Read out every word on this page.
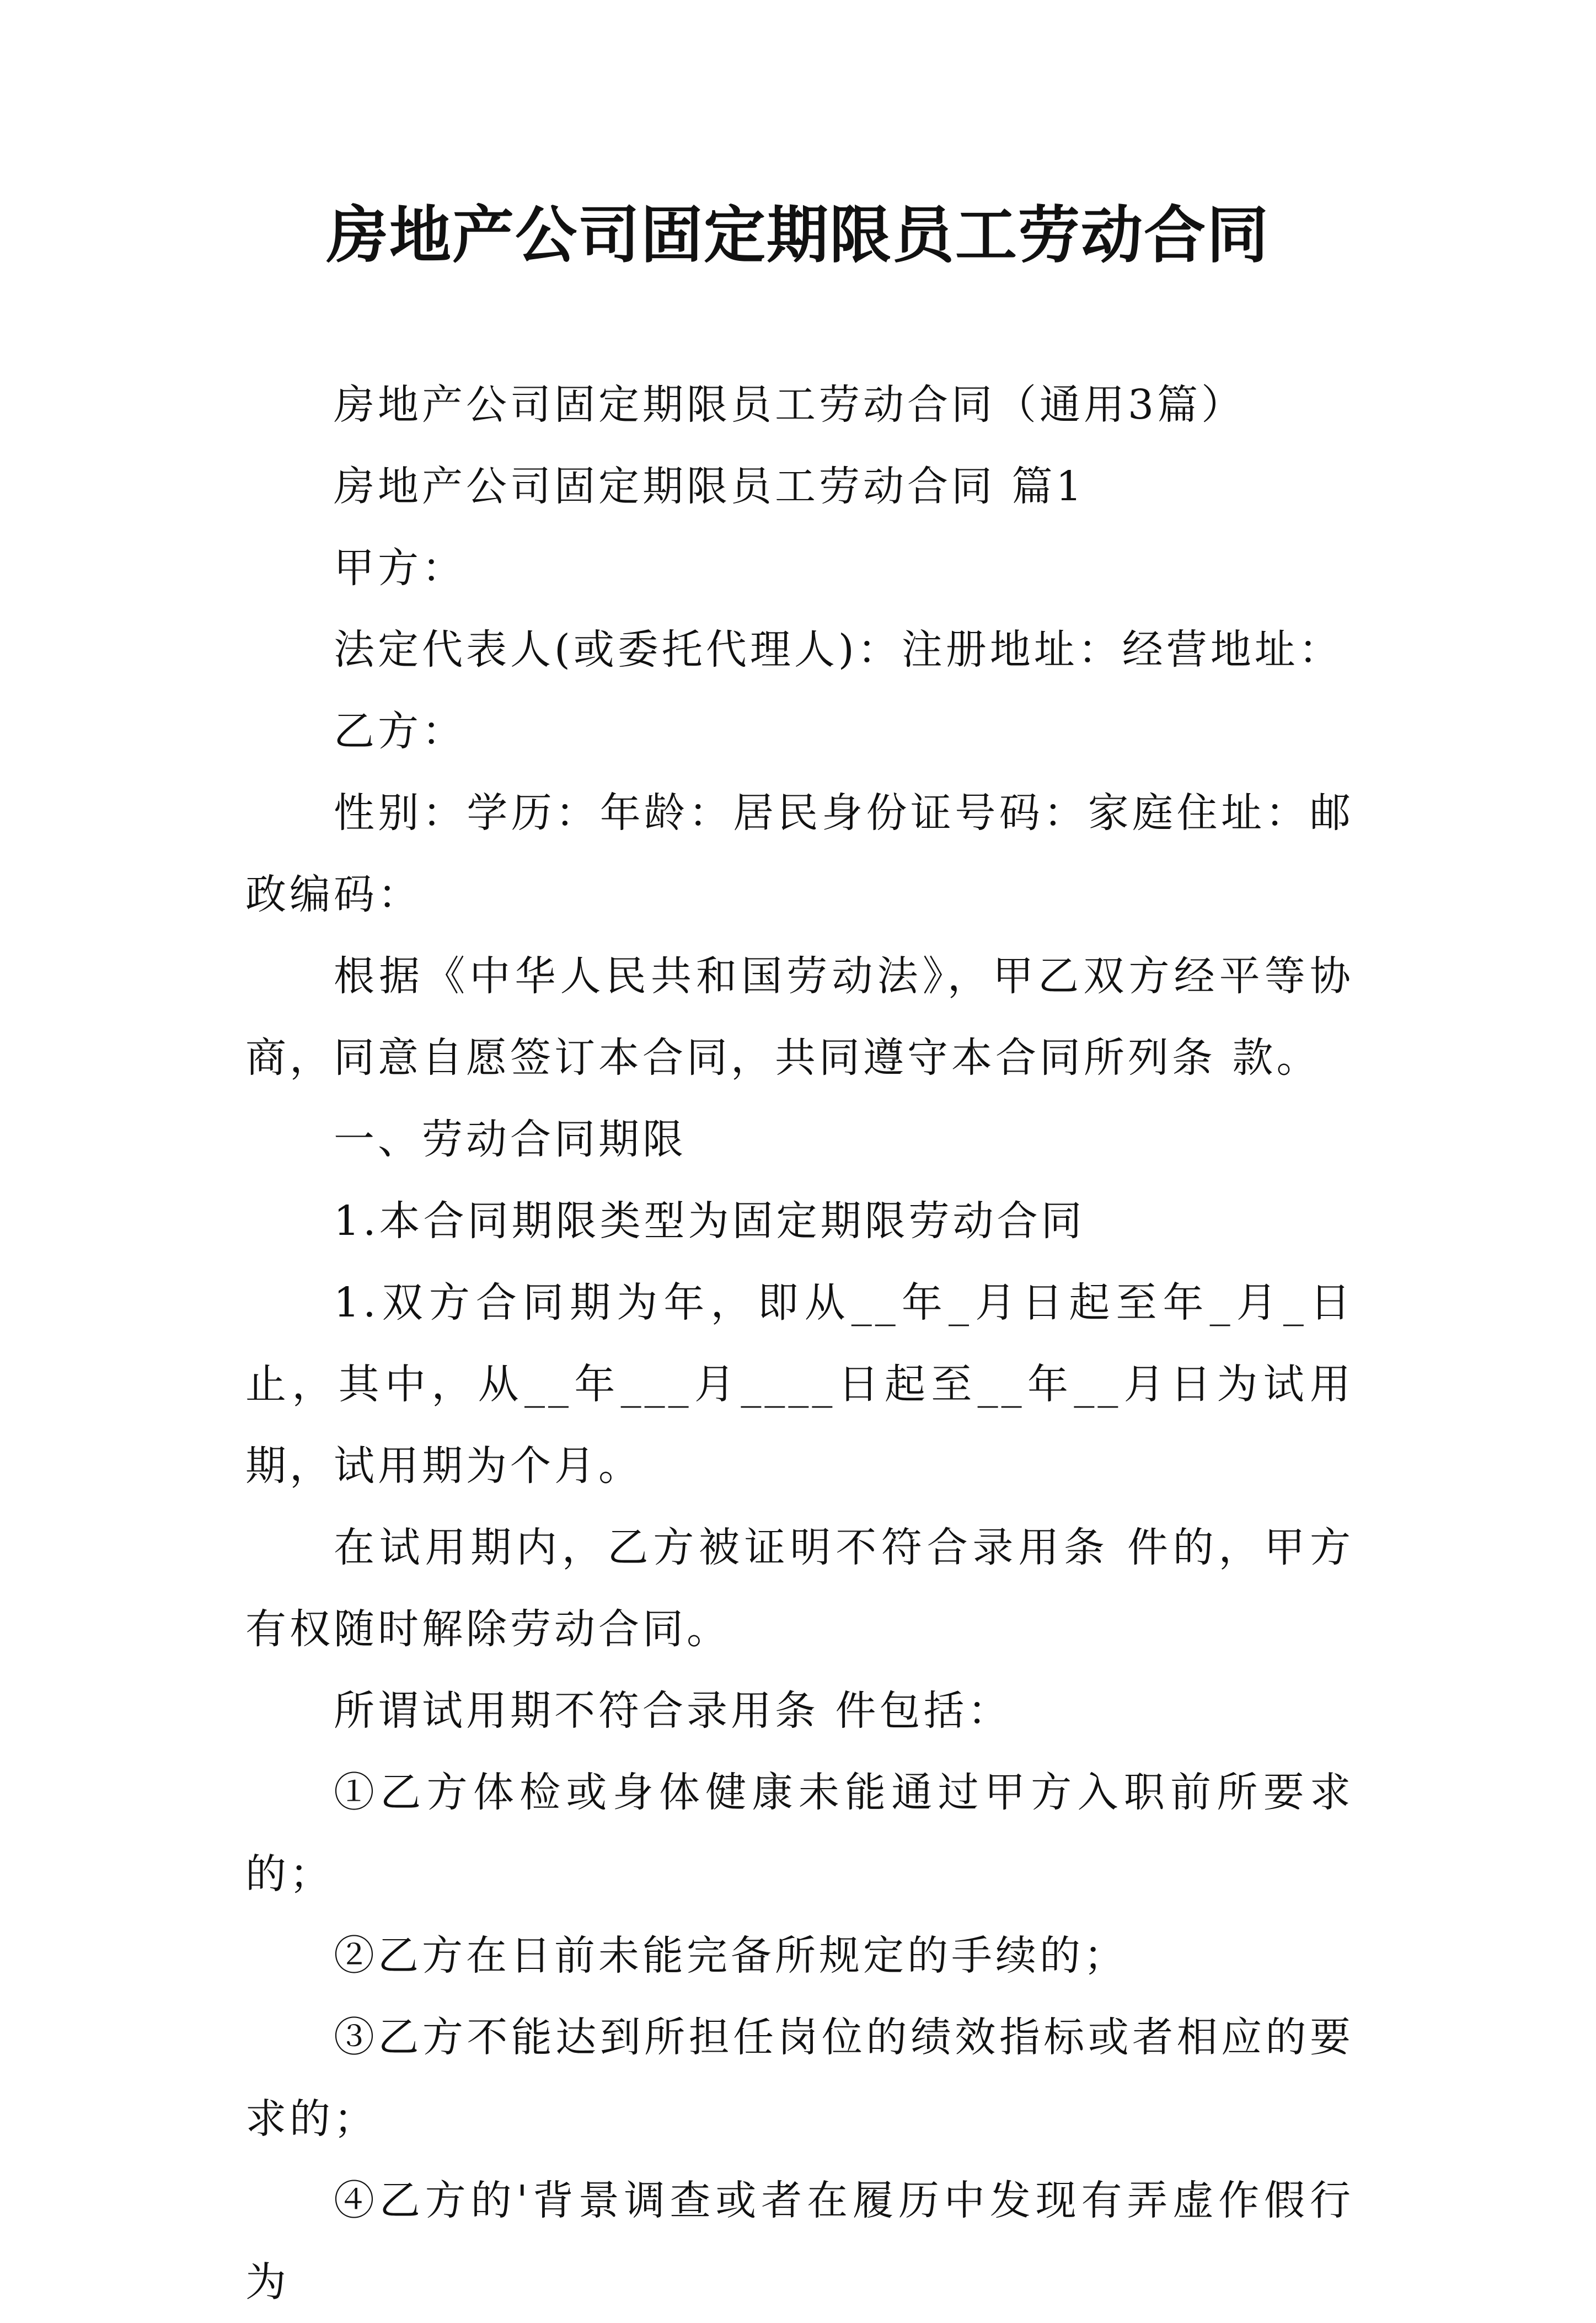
房地产公司固定期限员工劳动合同

房地产公司固定期限员工劳动合同（通用3篇）

房地产公司固定期限员工劳动合同 篇1

甲方：

法定代表人(或委托代理人)：注册地址：经营地址：

乙方：

性别：学历：年龄：居民身份证号码：家庭住址：邮政编码：

根据《中华人民共和国劳动法》，甲乙双方经平等协商，同意自愿签订本合同，共同遵守本合同所列条 款。

一、劳动合同期限

1.本合同期限类型为固定期限劳动合同

1.双方合同期为年，即从__年_月日起至年_月_日止，其中，从__年___月____日起至__年__月日为试用期，试用期为个月。

在试用期内，乙方被证明不符合录用条 件的，甲方有权随时解除劳动合同。

所谓试用期不符合录用条 件包括：

①乙方体检或身体健康未能通过甲方入职前所要求的；

②乙方在日前未能完备所规定的手续的；

③乙方不能达到所担任岗位的绩效指标或者相应的要求的；

④乙方的'背景调查或者在履历中发现有弄虚作假行为
